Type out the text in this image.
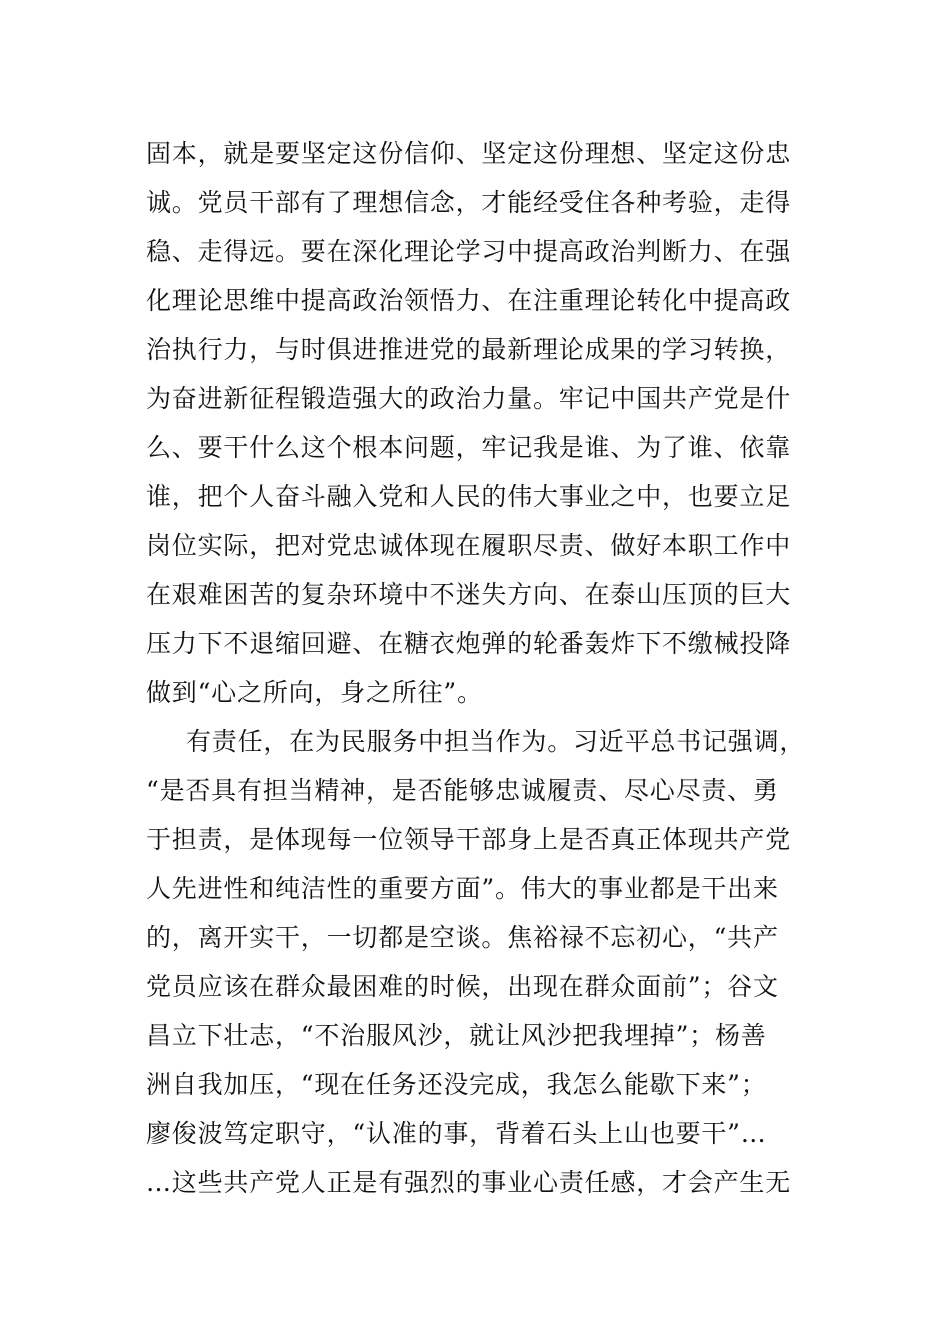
固本，就是要坚定这份信仰、坚定这份理想、坚定这份忠
诚。党员干部有了理想信念，才能经受住各种考验，走得
稳、走得远。要在深化理论学习中提高政治判断力、在强
化理论思维中提高政治领悟力、在注重理论转化中提高政
治执行力，与时俱进推进党的最新理论成果的学习转换，
为奋进新征程锻造强大的政治力量。牢记中国共产党是什
么、要干什么这个根本问题，牢记我是谁、为了谁、依靠
谁，把个人奋斗融入党和人民的伟大事业之中，也要立足
岗位实际，把对党忠诚体现在履职尽责、做好本职工作中
在艰难困苦的复杂环境中不迷失方向、在泰山压顶的巨大
压力下不退缩回避、在糖衣炮弹的轮番轰炸下不缴械投降
做到“心之所向，身之所往”。
有责任，在为民服务中担当作为。习近平总书记强调，
“是否具有担当精神，是否能够忠诚履责、尽心尽责、勇
于担责，是体现每一位领导干部身上是否真正体现共产党
人先进性和纯洁性的重要方面”。伟大的事业都是干出来
的，离开实干，一切都是空谈。焦裕禄不忘初心，“共产
党员应该在群众最困难的时候，出现在群众面前”；谷文
昌立下壮志，“不治服风沙，就让风沙把我埋掉”；杨善
洲自我加压，“现在任务还没完成，我怎么能歇下来”；
廖俊波笃定职守，“认准的事，背着石头上山也要干”…
…这些共产党人正是有强烈的事业心责任感，才会产生无
